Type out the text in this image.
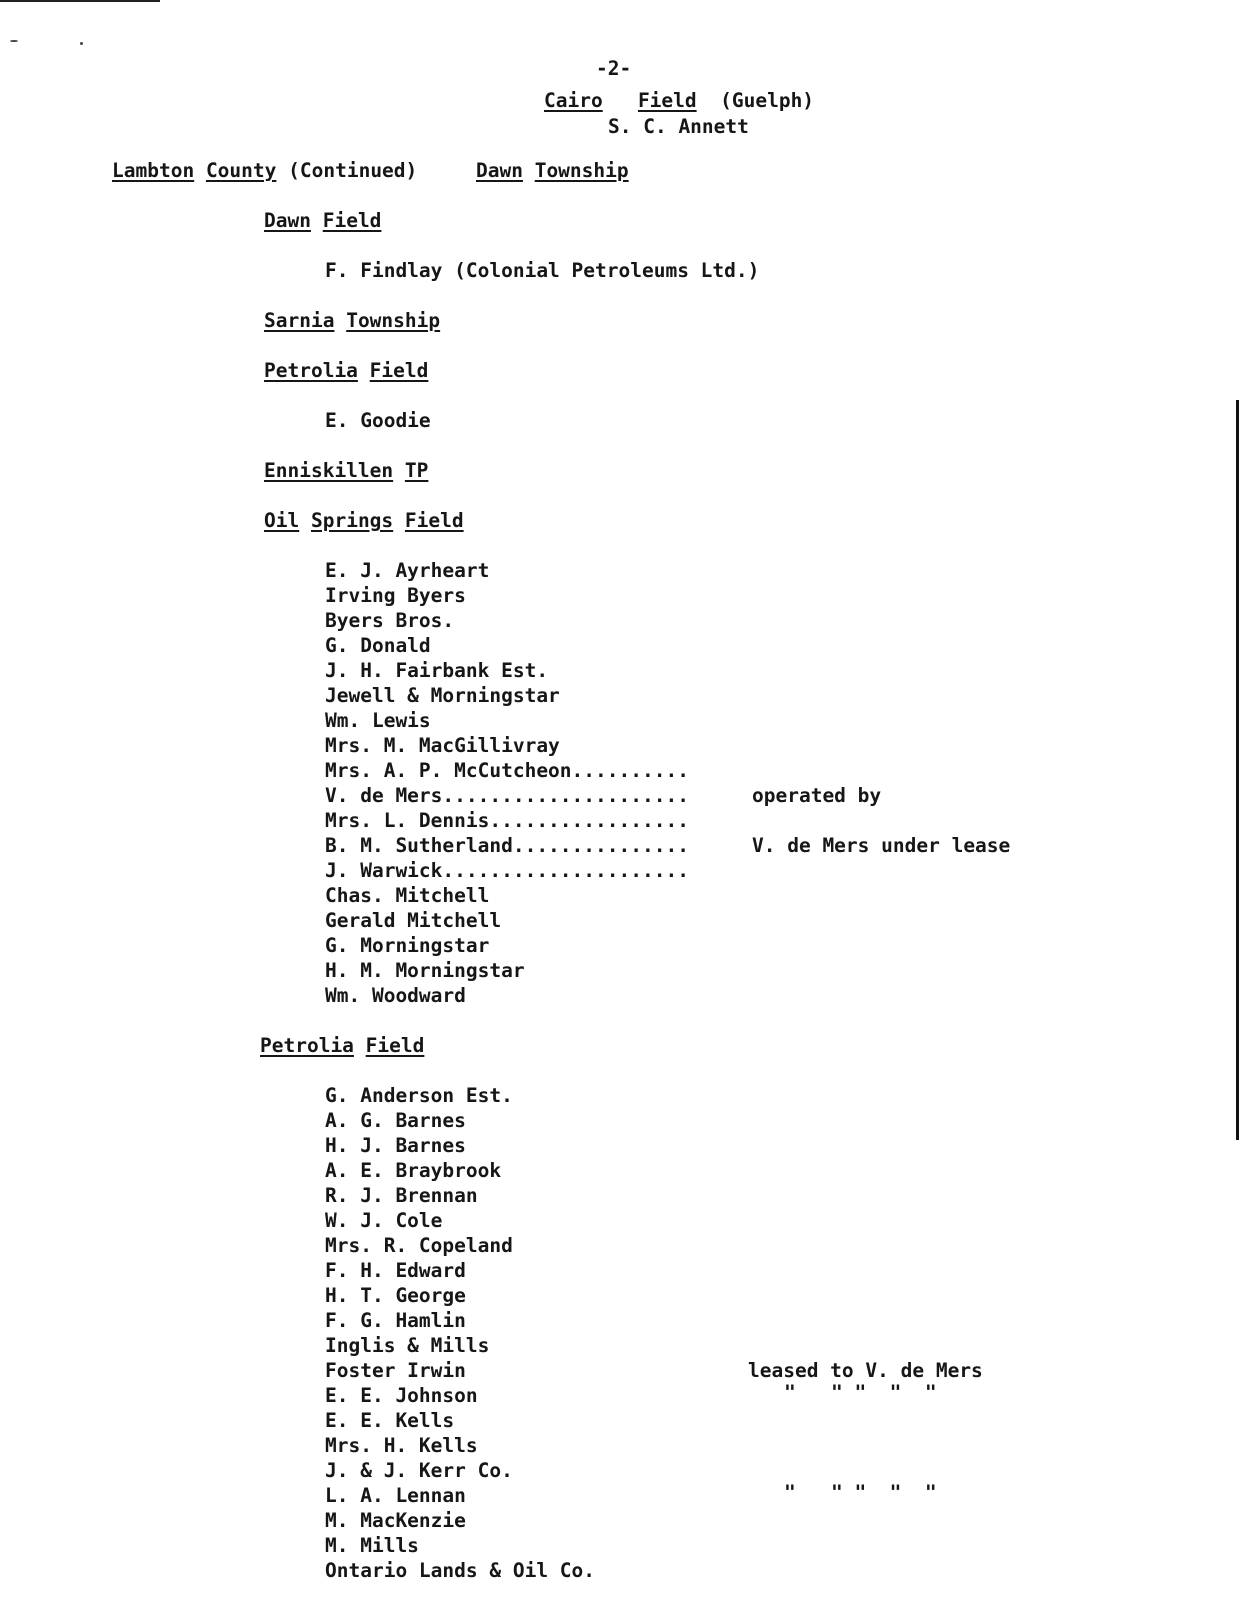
-2-
Cairo Field (Guelph)
S. C. Annett
Lambton County (Continued)	Dawn Township
Dawn Field
F. Findlay (Colonial Petroleums Ltd.)
Sarnia Township
Petrolia Field
E. Goodie
Enniskillen TP
Oil Springs Field
E. J. Ayrheart
Irving Byers
Byers Bros.
G. Donald
J. H. Fairbank Est.
Jewell & Morningstar
Wm. Lewis
Mrs. M. MacGillivray
Mrs. A. P. McCutcheon..........
V. de Mers.....................	operated by
Mrs. L. Dennis.................
B. M. Sutherland...............	V. de Mers under lease
J. Warwick.....................
Chas. Mitchell
Gerald Mitchell
G. Morningstar
H. M. Morningstar
Wm. Woodward
Petrolia Field
G. Anderson Est.
A. G. Barnes
H. J. Barnes
A. E. Braybrook
R. J. Brennan
W. J. Cole
Mrs. R. Copeland
F. H. Edward
H. T. George
F. G. Hamlin
Inglis & Mills
Foster Irwin	leased to V. de Mers
E. E. Johnson	"   " "  "  "
E. E. Kells
Mrs. H. Kells
J. & J. Kerr Co.
L. A. Lennan	"   " "  "  "
M. MacKenzie
M. Mills
Ontario Lands & Oil Co.
